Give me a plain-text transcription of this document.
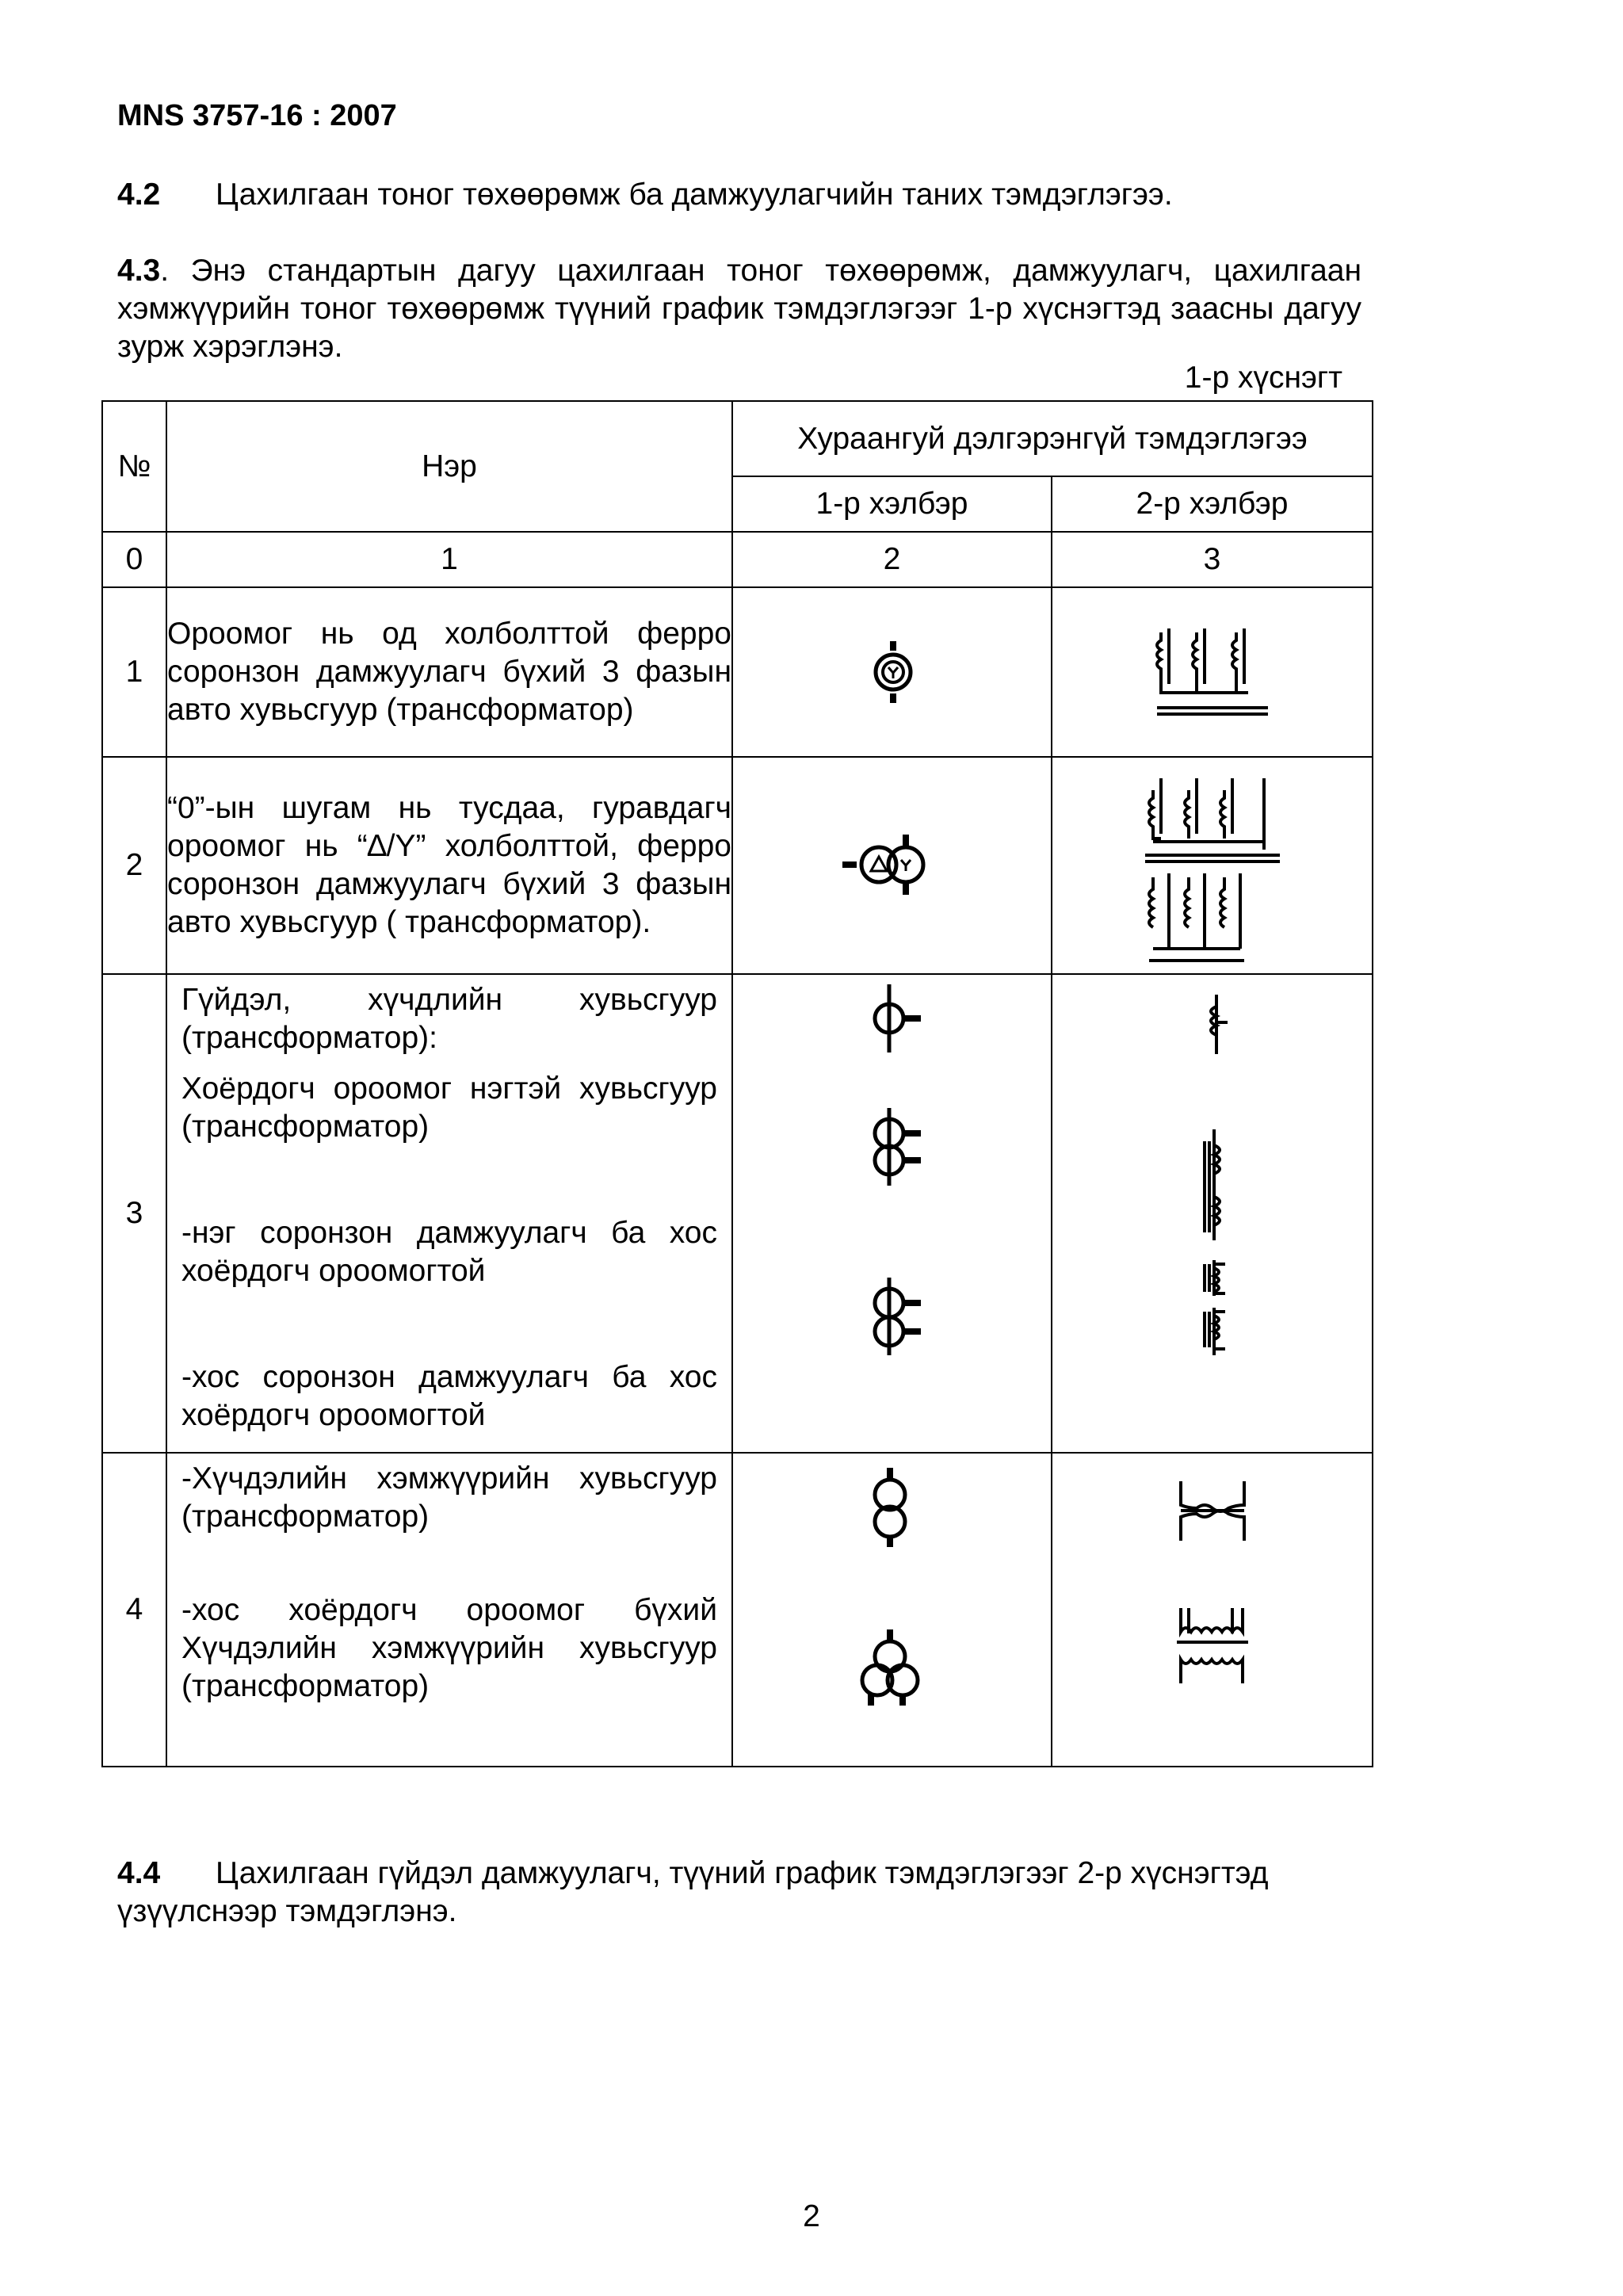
MNS 3757-16 : 2007
4.2 Цахилгаан тоног төхөөрөмж ба дамжуулагчийн таних тэмдэглэгээ.
4.3. Энэ стандартын дагуу цахилгаан тоног төхөөрөмж, дамжуулагч, цахилгаан хэмжүүрийн тоног төхөөрөмж түүний график тэмдэглэгээг 1-р хүснэгтэд заасны дагуу зурж хэрэглэнэ.
1-р хүснэгт
№	Нэр	Хураангуй дэлгэрэнгүй тэмдэглэгээ	
		1-р хэлбэр	2-р хэлбэр
0	1	2	3
1	Ороомог нь од холболттой ферро соронзон дамжуулагч бүхий 3 фазын авто хувьсгуур (трансформатор)	

2	“0”-ын шугам нь тусдаа, гуравдагч ороомог нь “∆/Y” холболттой, ферро соронзон дамжуулагч бүхий 3 фазын авто хувьсгуур ( трансформатор).	

3	Гүйдэл, хүчдлийн хувьсгуур (трансформатор):

Хоёрдогч ороомог нэгтэй хувьсгуур (трансформатор)

-нэг соронзон дамжуулагч ба хос хоёрдогч ороомогтой

-хос соронзон дамжуулагч ба хос хоёрдогч ороомогтой

4	-Хүчдэлийн хэмжүүрийн хувьсгуур (трансформатор)

-хос хоёрдогч ороомог бүхий Хүчдэлийн хэмжүүрийн хувьсгуур (трансформатор)

4.4 Цахилгаан гүйдэл дамжуулагч, түүний график тэмдэглэгээг 2-р хүснэгтэд үзүүлснээр тэмдэглэнэ.
2
